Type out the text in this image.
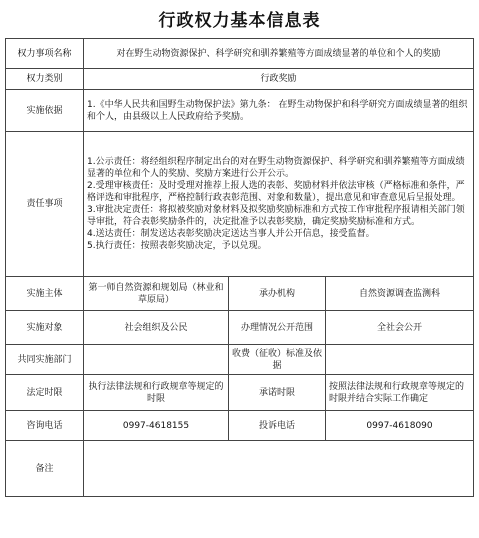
行政权力基本信息表
权力事项名称	对在野生动物资源保护、科学研究和驯养繁殖等方面成绩显著的单位和个人的奖励		
权力类别	行政奖励		
实施依据	1.《中华人民共和国野生动物保护法》第九条： 在野生动物保护和科学研究方面成绩显著的组织和个人，由县级以上人民政府给予奖励。		
责任事项	1.公示责任：将经组织程序制定出台的对在野生动物资源保护、科学研究和驯养繁殖等方面成绩显著的单位和个人的奖励、奖励方案进行公开公示。
2.受理审核责任：及时受理对推荐上报人选的表彰、奖励材料并依法审核（严格标准和条件，严格评选和审批程序，严格控制行政表彰范围、对象和数量），提出意见和审查意见后呈报处理。
3.审批决定责任：将拟被奖励对象材料及拟奖励奖励标准和方式按工作审批程序报请相关部门领导审批，符合表彰奖励条件的，决定批准予以表彰奖励，确定奖励奖励标准和方式。
4.送达责任：制发送达表彰奖励决定送达当事人并公开信息，接受监督。
5.执行责任：按照表彰奖励决定，予以兑现。		

实施主体	第一师自然资源和规划局（林业和草原局）	承办机构	自然资源调查监测科
实施对象	社会组织及公民	办理情况公开范围	全社会公开
共同实施部门		收费（征收）标准及依据	
法定时限	执行法律法规和行政规章等规定的时限	承诺时限	按照法律法规和行政规章等规定的时限并结合实际工作确定
咨询电话	0997-4618155	投诉电话	0997-4618090
备注			
